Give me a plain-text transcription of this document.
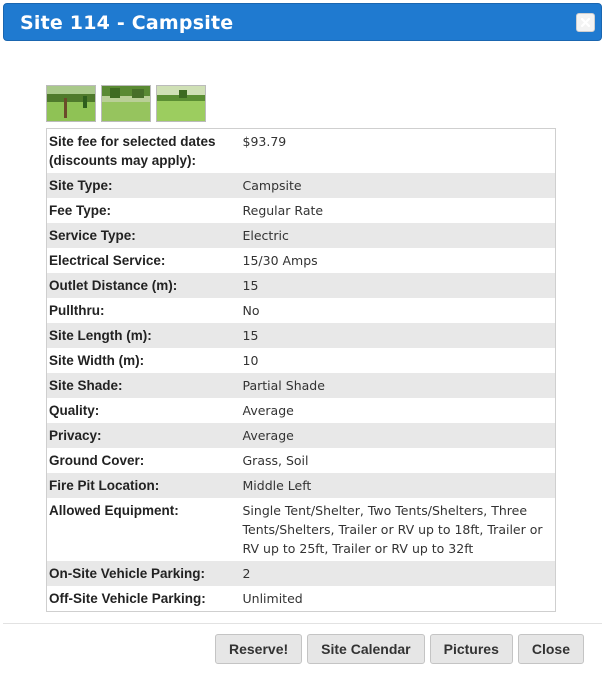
Site 114 - Campsite
Site fee for selected dates (discounts may apply):	$93.79
Site Type:	Campsite
Fee Type:	Regular Rate
Service Type:	Electric
Electrical Service:	15/30 Amps
Outlet Distance (m):	15
Pullthru:	No
Site Length (m):	15
Site Width (m):	10
Site Shade:	Partial Shade
Quality:	Average
Privacy:	Average
Ground Cover:	Grass, Soil
Fire Pit Location:	Middle Left
Allowed Equipment:	Single Tent/Shelter, Two Tents/Shelters, Three Tents/Shelters, Trailer or RV up to 18ft, Trailer or RV up to 25ft, Trailer or RV up to 32ft
On-Site Vehicle Parking:	2
Off-Site Vehicle Parking:	Unlimited
Reserve!	Site Calendar	Pictures	Close
